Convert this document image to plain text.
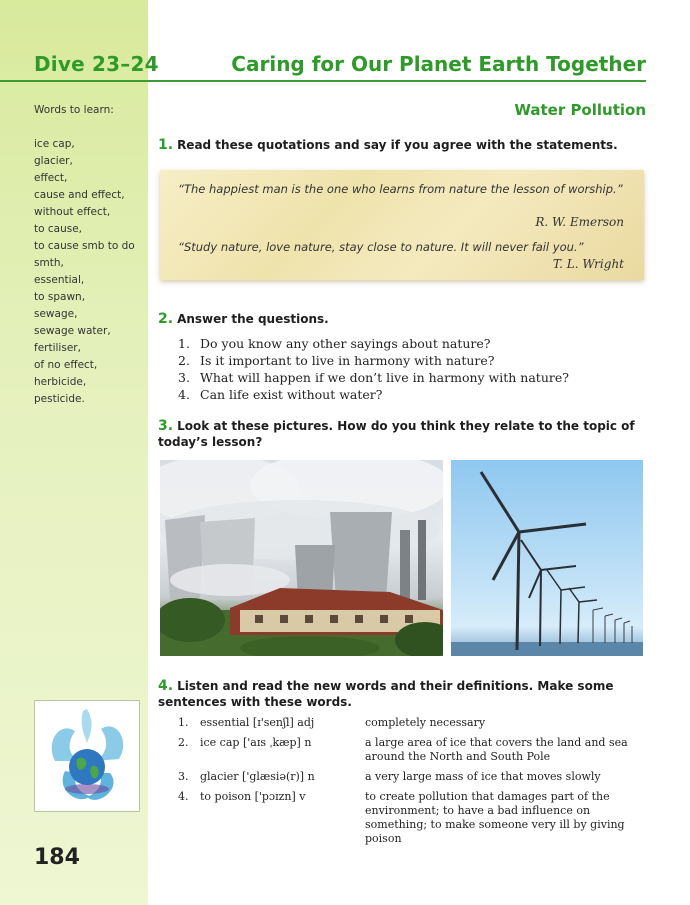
Dive 23–24	Caring for Our Planet Earth Together
Words to learn:
ice cap,
glacier,
effect,
cause and effect,
without effect,
to cause,
to cause smb to do
smth,
essential,
to spawn,
sewage,
sewage water,
fertiliser,
of no effect,
herbicide,
pesticide.
Water Pollution
1. Read these quotations and say if you agree with the statements.
“The happiest man is the one who learns from nature the lesson of worship.”
R. W. Emerson
“Study nature, love nature, stay close to nature. It will never fail you.”
T. L. Wright
2. Answer the questions.
1. Do you know any other sayings about nature?
2. Is it important to live in harmony with nature?
3. What will happen if we don’t live in harmony with nature?
4. Can life exist without water?
3. Look at these pictures. How do you think they relate to the topic of today’s lesson?
4. Listen and read the new words and their definitions. Make some sentences with these words.
1.	essential [ɪ'senʃl] adj	completely necessary
2.	ice cap ['aɪs ˌkæp] n	a large area of ice that covers the land and sea around the North and South Pole
3.	glacier ['glæsiə(r)] n	a very large mass of ice that moves slowly
4.	to poison ['pɔɪzn] v	to create pollution that damages part of the environment; to have a bad influence on something; to make someone very ill by giving poison
184
